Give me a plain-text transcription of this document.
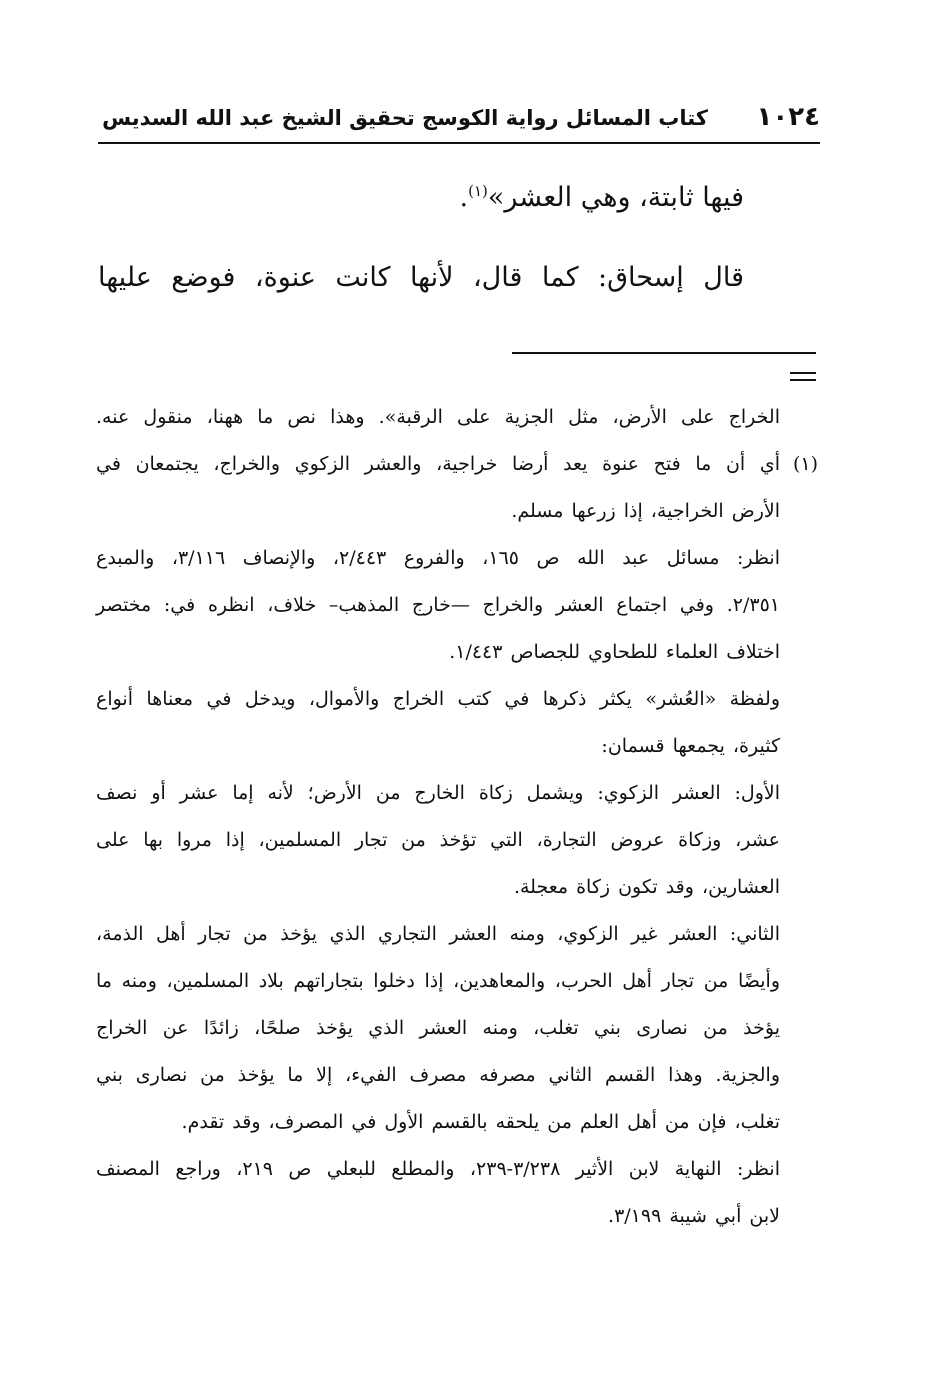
١٠٢٤
كتاب المسائل رواية الكوسج تحقيق الشيخ عبد الله السديس
فيها ثابتة، وهي العشر»$^{(١)}$.
قال إسحاق: كما قال، لأنها كانت عنوة، فوضع عليها
الخراج على الأرض، مثل الجزية على الرقبة». وهذا نص ما ههنا، منقول عنه.
(١)
أي أن ما فتح عنوة يعد أرضا خراجية، والعشر الزكوي والخراج، يجتمعان في
الأرض الخراجية، إذا زرعها مسلم.
انظر: مسائل عبد الله ص ١٦٥، والفروع ٢/٤٤٣، والإنصاف ٣/١١٦، والمبدع
٢/٣٥١. وفي اجتماع العشر والخراج —خارج المذهب– خلاف، انظره في: مختصر
اختلاف العلماء للطحاوي للجصاص ١/٤٤٣.
ولفظة «العُشر» يكثر ذكرها في كتب الخراج والأموال، ويدخل في معناها أنواع
كثيرة، يجمعها قسمان:
الأول: العشر الزكوي: ويشمل زكاة الخارج من الأرض؛ لأنه إما عشر أو نصف
عشر، وزكاة عروض التجارة، التي تؤخذ من تجار المسلمين، إذا مروا بها على
العشارين، وقد تكون زكاة معجلة.
الثاني: العشر غير الزكوي، ومنه العشر التجاري الذي يؤخذ من تجار أهل الذمة،
وأيضًا من تجار أهل الحرب، والمعاهدين، إذا دخلوا بتجاراتهم بلاد المسلمين، ومنه ما
يؤخذ من نصارى بني تغلب، ومنه العشر الذي يؤخذ صلحًا، زائدًا عن الخراج
والجزية. وهذا القسم الثاني مصرفه مصرف الفيء، إلا ما يؤخذ من نصارى بني
تغلب، فإن من أهل العلم من يلحقه بالقسم الأول في المصرف، وقد تقدم.
انظر: النهاية لابن الأثير ٣/٢٣٨-٢٣٩، والمطلع للبعلي ص ٢١٩، وراجع المصنف
لابن أبي شيبة ٣/١٩٩.
